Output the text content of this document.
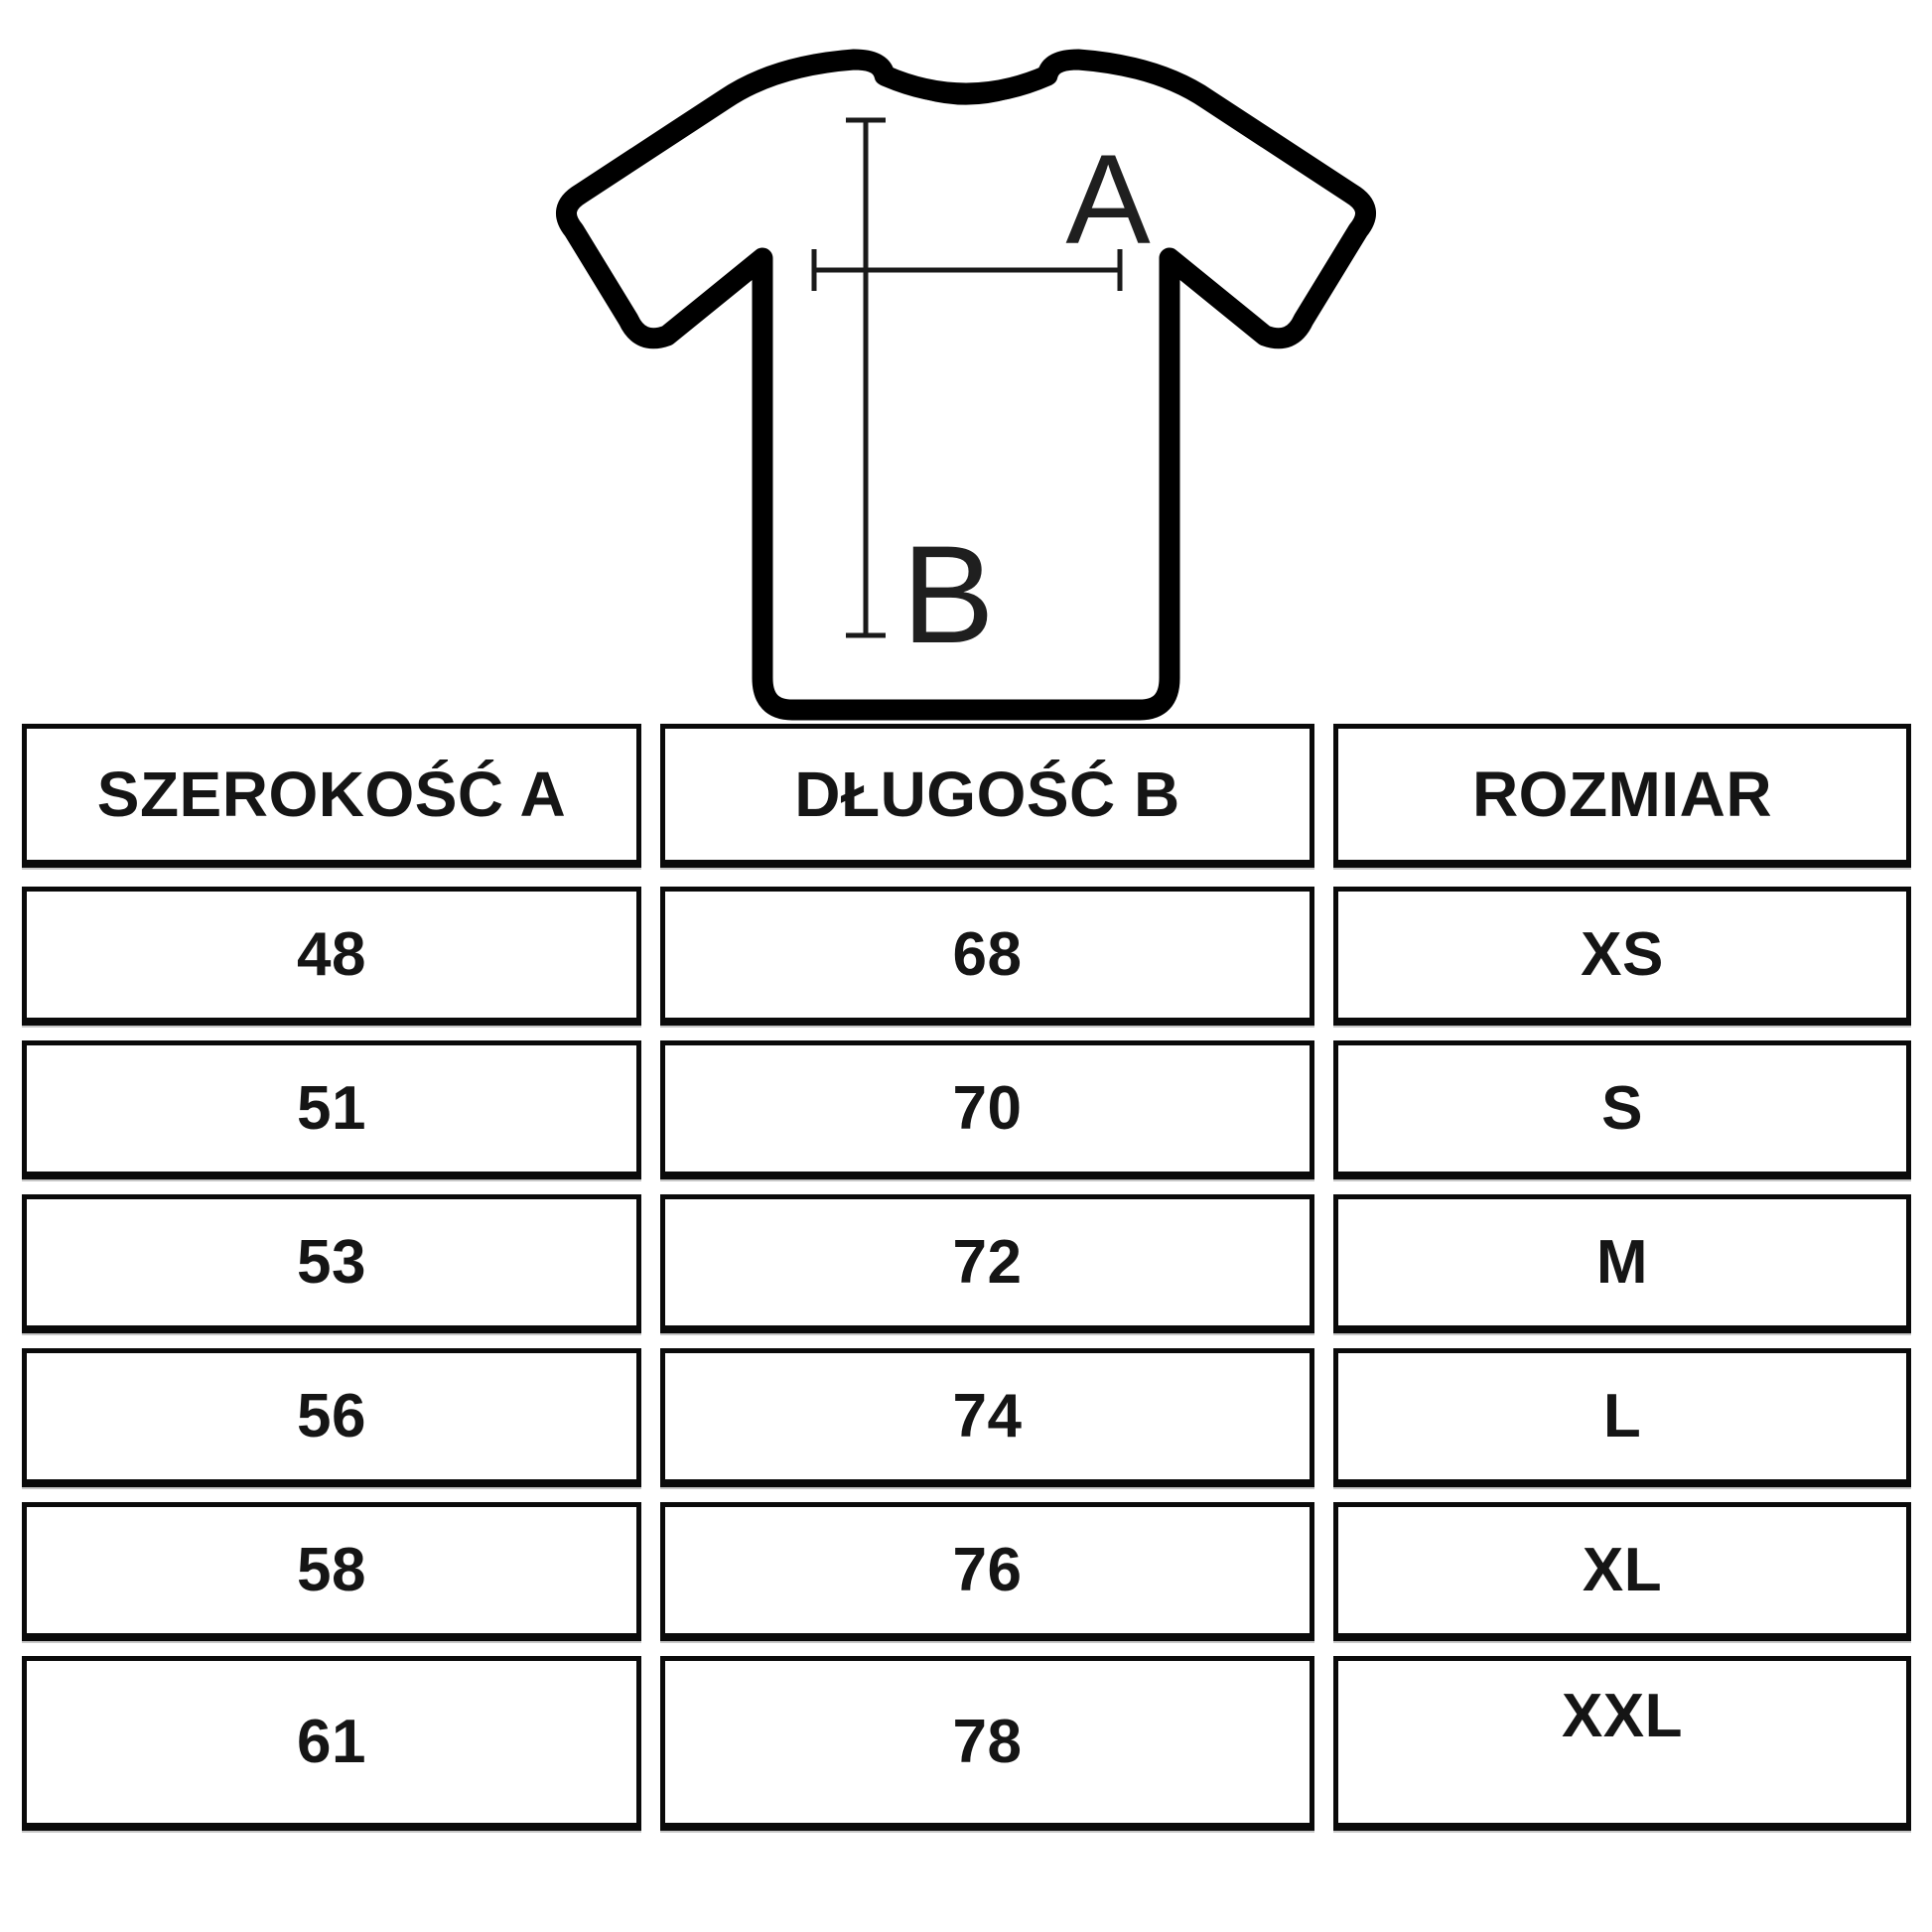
A
B
SZEROKOŚĆ A	DŁUGOŚĆ B	ROZMIAR
48	68	XS
51	70	S
53	72	M
56	74	L
58	76	XL
61	78	XXL
